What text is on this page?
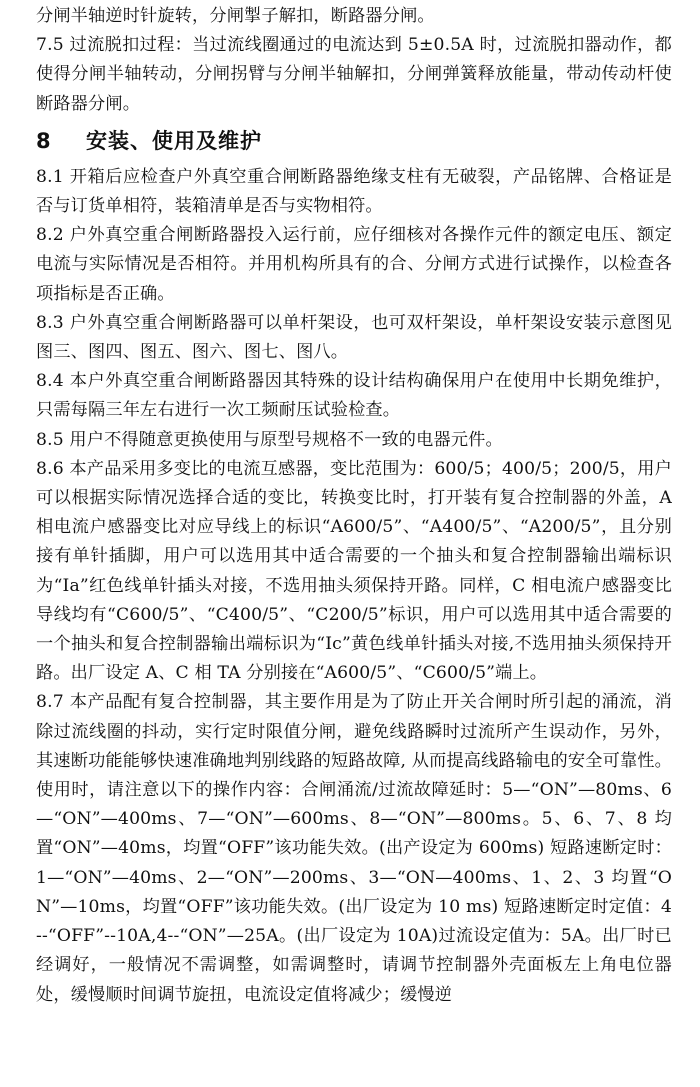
分闸半轴逆时针旋转，分闸掣子解扣，断路器分闸。

7.5 过流脱扣过程：当过流线圈通过的电流达到 5±0.5A 时，过流脱扣器动作，都使得分闸半轴转动，分闸拐臂与分闸半轴解扣，分闸弹簧释放能量，带动传动杆使断路器分闸。

8	安装、使用及维护

8.1 开箱后应检查户外真空重合闸断路器绝缘支柱有无破裂，产品铭牌、合格证是否与订货单相符，装箱清单是否与实物相符。

8.2 户外真空重合闸断路器投入运行前，应仔细核对各操作元件的额定电压、额定电流与实际情况是否相符。并用机构所具有的合、分闸方式进行试操作，以检查各项指标是否正确。

8.3 户外真空重合闸断路器可以单杆架设，也可双杆架设，单杆架设安装示意图见图三、图四、图五、图六、图七、图八。

8.4 本户外真空重合闸断路器因其特殊的设计结构确保用户在使用中长期免维护，只需每隔三年左右进行一次工频耐压试验检查。

8.5 用户不得随意更换使用与原型号规格不一致的电器元件。

8.6 本产品采用多变比的电流互感器，变比范围为：600/5；400/5；200/5，用户可以根据实际情况选择合适的变比，转换变比时，打开装有复合控制器的外盖，A 相电流户感器变比对应导线上的标识“A600/5”、“A400/5”、“A200/5”，且分别接有单针插脚，用户可以选用其中适合需要的一个抽头和复合控制器输出端标识为“Ia”红色线单针插头对接，不选用抽头须保持开路。同样，C 相电流户感器变比导线均有“C600/5”、“C400/5”、“C200/5”标识，用户可以选用其中适合需要的一个抽头和复合控制器输出端标识为“Ic”黄色线单针插头对接,不选用抽头须保持开路。出厂设定 A、C 相 TA 分别接在“A600/5”、“C600/5”端上。

8.7 本产品配有复合控制器，其主要作用是为了防止开关合闸时所引起的涌流，消除过流线圈的抖动，实行定时限值分闸，避免线路瞬时过流所产生误动作，另外，其速断功能能够快速准确地判别线路的短路故障, 从而提高线路输电的安全可靠性。使用时，请注意以下的操作内容：合闸涌流/过流故障延时：5—“ON”—80ms、6—“ON”—400ms、7—“ON”—600ms、8—“ON”—800ms。5、6、7、8 均置“ON”—40ms，均置“OFF”该功能失效。(出产设定为 600ms) 短路速断定时：1—“ON”—40ms、2—“ON”—200ms、3—“ON—400ms、1、2、3 均置“ON”—10ms，均置“OFF”该功能失效。(出厂设定为 10 ms) 短路速断定时定值：4--“OFF”--10A,4--“ON”—25A。(出厂设定为 10A)过流设定值为：5A。出厂时已经调好，一般情况不需调整，如需调整时，请调节控制器外壳面板左上角电位器处，缓慢顺时间调节旋扭，电流设定值将减少；缓慢逆
